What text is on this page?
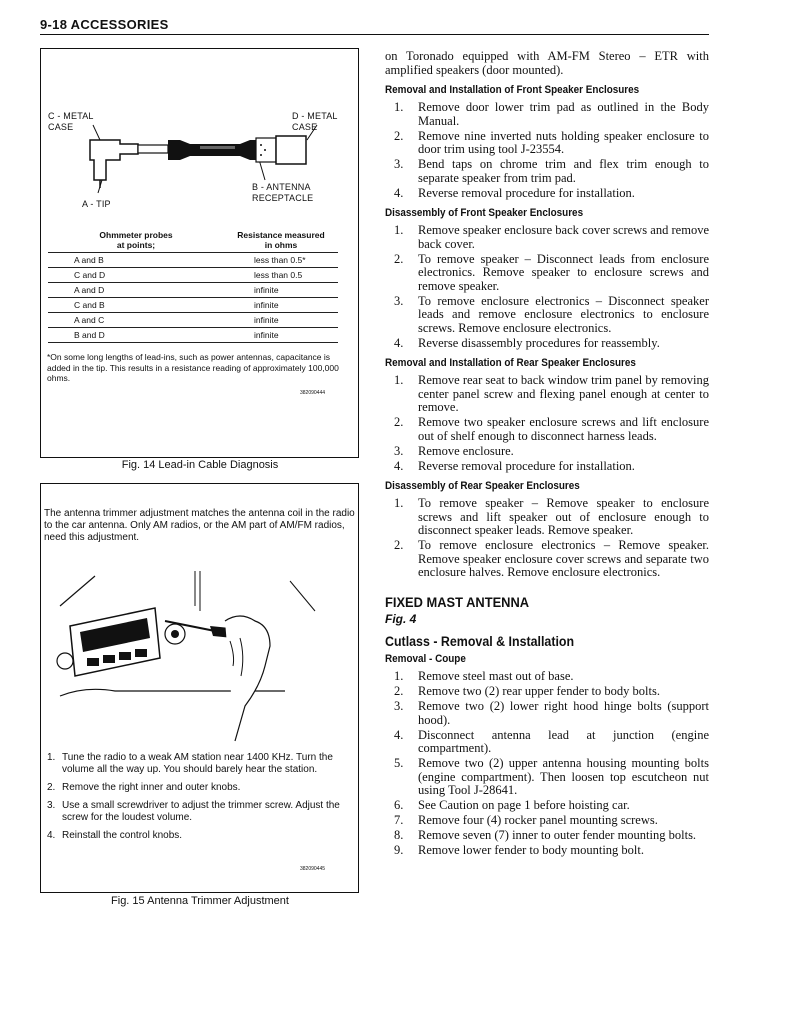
9-18 ACCESSORIES
C - METAL
CASE
D - METAL
CASE
B - ANTENNA
RECEPTACLE
A - TIP
Ohmmeter probes
at points;	Resistance measured
in ohms
A and B	less than 0.5*
C and D	less than 0.5
A and D	infinite
C and B	infinite
A and C	infinite
B and D	infinite
*On some long lengths of lead-ins, such as power antennas, capacitance is added in the tip. This results in a resistance reading of approximately 100,000 ohms.
382090444
Fig. 14 Lead-in Cable Diagnosis
The antenna trimmer adjustment matches the antenna coil in the radio to the car antenna. Only AM radios, or the AM part of AM/FM radios, need this adjustment.
1. Tune the radio to a weak AM station near 1400 KHz. Turn the volume all the way up. You should barely hear the station.
2. Remove the right inner and outer knobs.
3. Use a small screwdriver to adjust the trimmer screw. Adjust the screw for the loudest volume.
4. Reinstall the control knobs.
382090445
Fig. 15 Antenna Trimmer Adjustment

on Toronado equipped with AM-FM Stereo – ETR with amplified speakers (door mounted).

Removal and Installation of Front Speaker Enclosures
1. Remove door lower trim pad as outlined in the Body Manual.
2. Remove nine inverted nuts holding speaker enclosure to door trim using tool J-23554.
3. Bend taps on chrome trim and flex trim enough to separate speaker from trim pad.
4. Reverse removal procedure for installation.
Disassembly of Front Speaker Enclosures
1. Remove speaker enclosure back cover screws and remove back cover.
2. To remove speaker – Disconnect leads from enclosure electronics. Remove speaker to enclosure screws and remove speaker.
3. To remove enclosure electronics – Disconnect speaker leads and remove enclosure electronics to enclosure screws. Remove enclosure electronics.
4. Reverse disassembly procedures for reassembly.
Removal and Installation of Rear Speaker Enclosures
1. Remove rear seat to back window trim panel by removing center panel screw and flexing panel enough at center to remove.
2. Remove two speaker enclosure screws and lift enclosure out of shelf enough to disconnect harness leads.
3. Remove enclosure.
4. Reverse removal procedure for installation.
Disassembly of Rear Speaker Enclosures
1. To remove speaker – Remove speaker to enclosure screws and lift speaker out of enclosure enough to disconnect speaker leads. Remove speaker.
2. To remove enclosure electronics – Remove speaker. Remove speaker enclosure cover screws and separate two enclosure halves. Remove enclosure electronics.
FIXED MAST ANTENNA
Fig. 4
Cutlass - Removal & Installation
Removal - Coupe
1. Remove steel mast out of base.
2. Remove two (2) rear upper fender to body bolts.
3. Remove two (2) lower right hood hinge bolts (support hood).
4. Disconnect antenna lead at junction (engine compartment).
5. Remove two (2) upper antenna housing mounting bolts (engine compartment). Then loosen top escutcheon nut using Tool J-28641.
6. See Caution on page 1 before hoisting car.
7. Remove four (4) rocker panel mounting screws.
8. Remove seven (7) inner to outer fender mounting bolts.
9. Remove lower fender to body mounting bolt.
